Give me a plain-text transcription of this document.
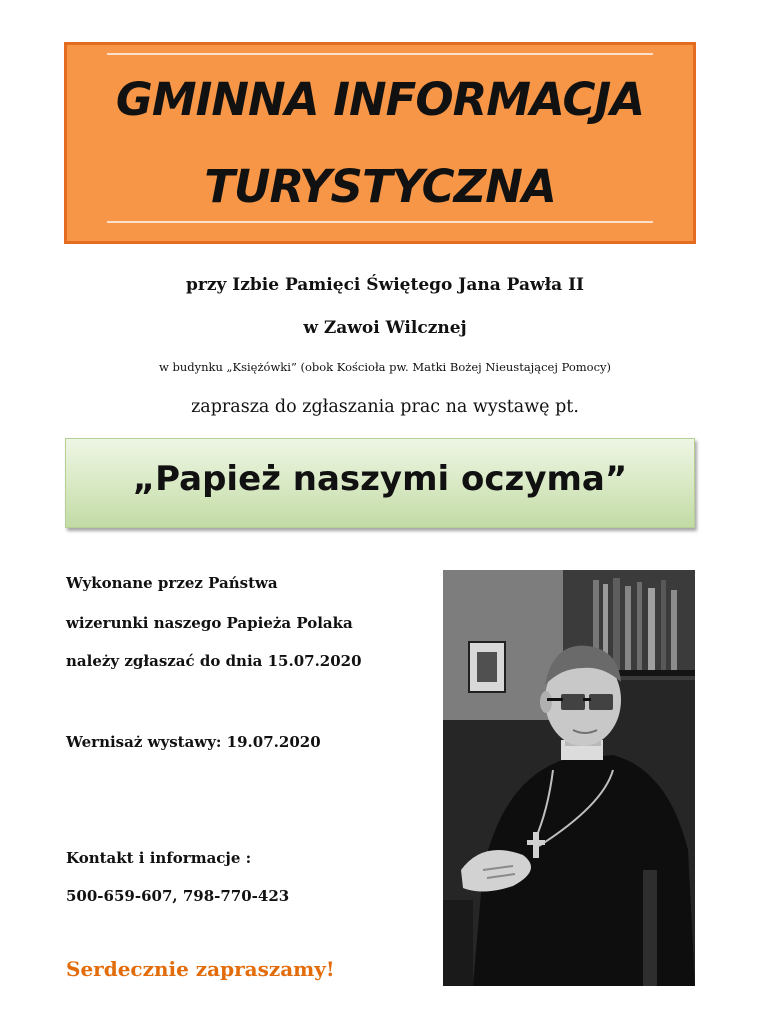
GMINNA INFORMACJA
TURYSTYCZNA

przy Izbie Pamięci Świętego Jana Pawła II

w Zawoi Wilcznej

w budynku „Księżówki” (obok Kościoła pw. Matki Bożej Nieustającej Pomocy)

zaprasza do zgłaszania prac na wystawę pt.

„Papież naszymi oczyma”

Wykonane przez Państwa

wizerunki naszego Papieża Polaka

należy zgłaszać do dnia 15.07.2020

Wernisaż wystawy: 19.07.2020

Kontakt i informacje :

500-659-607, 798-770-423

Serdecznie zapraszamy!
